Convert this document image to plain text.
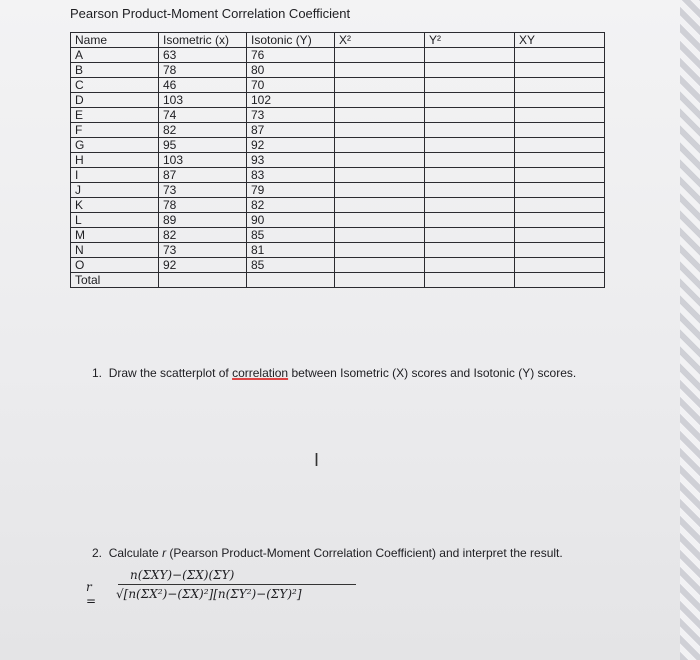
Pearson Product-Moment Correlation Coefficient
Name	Isometric (x)	Isotonic (Y)	X²	Y²	XY
A	63	76			
B	78	80			
C	46	70			
D	103	102			
E	74	73			
F	82	87			
G	95	92			
H	103	93			
I	87	83			
J	73	79			
K	78	82			
L	89	90			
M	82	85			
N	73	81			
O	92	85			
Total					
1. Draw the scatterplot of correlation between Isometric (X) scores and Isotonic (Y) scores.
I
2. Calculate r (Pearson Product-Moment Correlation Coefficient) and interpret the result.
r =
n(ΣXY)−(ΣX)(ΣY)
√[n(ΣX²)−(ΣX)²][n(ΣY²)−(ΣY)²]
